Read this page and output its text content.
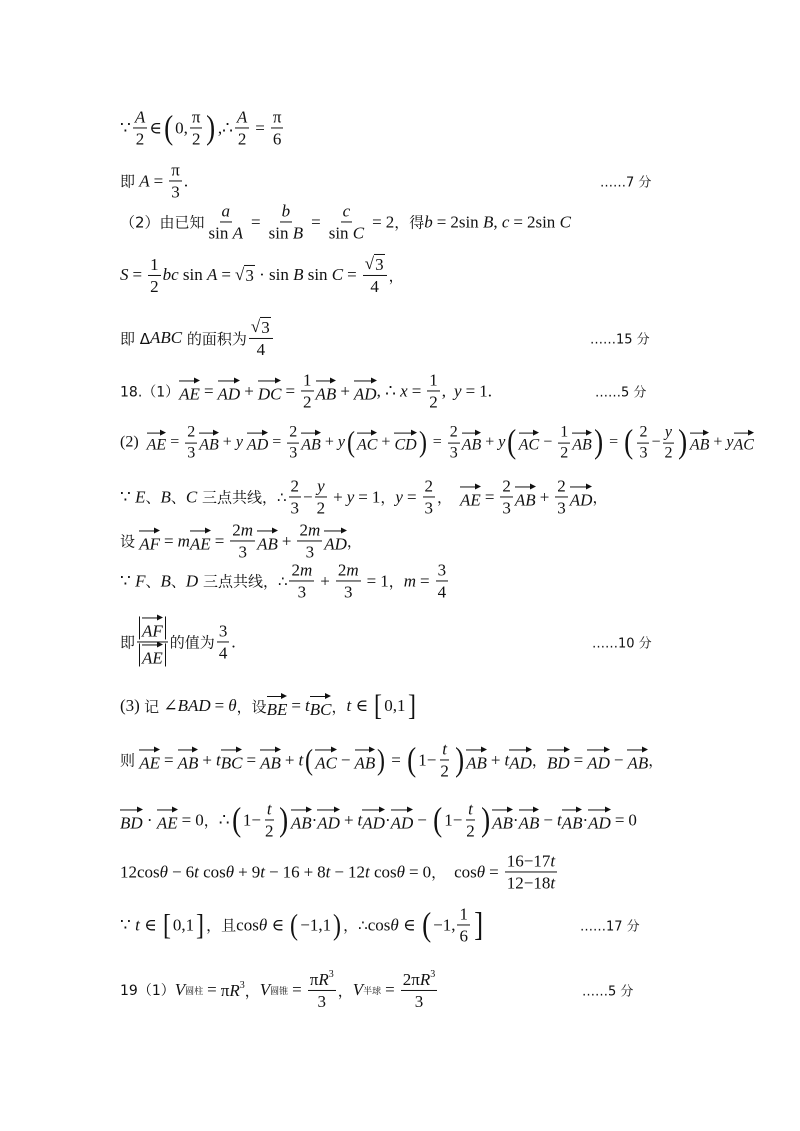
∵ $\frac{A}{2}$ ∈ ( 0, $\frac{\pi}{2}$ ) ,∴ $\frac{A}{2} = \frac{\pi}{6}$
即
$A = \frac{\pi}{3}$ .	……7 分
（2）由已知 $\frac{a}{\text{sin A}} = \frac{b}{\text{sin B}} = \frac{c}{\text{sin C}} = 2$ ，得 b = 2sin B, c = 2sin C
$S = \frac{1}{2}$ bc sin A = √ 3 · sin B $\sin C = \frac{√ 3}{4}$ ，
即 Δ ABC 的面积为 $\frac{√ 3}{4}$	……15 分
18.（1） AE = AD + DC = $\frac{1}{2}$ AB + AD , ∴ $x = \frac{1}{2}$ , y = 1.	……5 分
(2) AE = $\frac{2}{3}$ AB + y
AD = $\frac{2}{3}$ AB + y ( AC + CD ) = $\frac{2}{3}$ AB + y ( AC − $\frac{1}{2}$ AB ) = ( $\frac{2}{3} - \frac{y}{2}$ ) AB + y AC
∵ E 、 B 、 C 三点共线，∴ $\frac{2}{3} - \frac{y}{2} + y = 1$ ， $y = \frac{2}{3}$ ， AE = $\frac{2}{3}$ AB + $\frac{2}{3}$ AD ，
设
AF = m AE = $\frac{2m}{3}$ AB + $\frac{2m}{3}$ AD ，
∵ F 、 B 、 D 三点共线，∴ $\frac{2m}{3} + \frac{2m}{3} = 1$ ， $m = \frac{3}{4}$
即 $\frac{AF}{AE}$ 的值为 $\frac{3}{4}$ .	……10 分
(3)
记 ∠ BAD = θ ，设 BE = t BC ， t ∈ [ 0,1 ]
则
AE = AB + t BC = AB + t ( AC − AB ) = ( $1- \frac{t}{2}$ ) AB + t AD ， BD = AD − AB ，
BD · AE = 0 ， ∴ ( $1- \frac{t}{2}$ ) AB · AD + t AD · AD − ( $1- \frac{t}{2}$ ) AB · AB − t AB · AD = 0
12cosθ − 6t cosθ + 9t − 16 + 8t − 12t cosθ = 0 ， $\cos\theta = \frac{16-17t}{12-18t}$
∵ t ∈ [ 0,1 ] ，且 cosθ ∈ ( −1,1 ) ，∴ cosθ ∈ ( −1, $\frac{1}{6}$ ]	……17 分
19（1） V 圆柱 = $\pi R^3$ ， V 圆锥 = $\frac{\pi R^3}{3}$ ， V 半球 = $\frac{2\pi R^3}{3}$	……5 分
